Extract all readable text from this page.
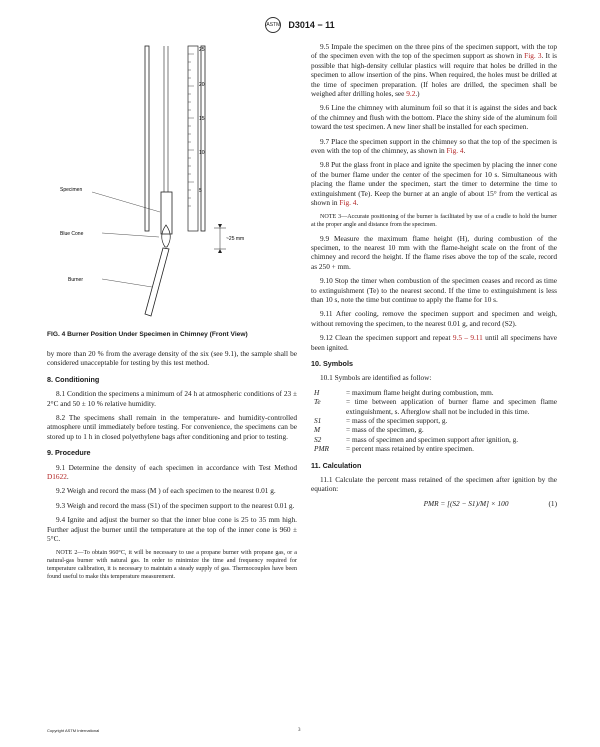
ASTM D3014 − 11
25
20
15
10
5
~25 mm
Specimen
Blue Cone
Burner
FIG. 4 Burner Position Under Specimen in Chimney (Front View)

by more than 20 % from the average density of the six (see 9.1), the sample shall be considered unacceptable for testing by this test method.

8. Conditioning

8.1 Condition the specimens a minimum of 24 h at atmospheric conditions of 23 ± 2°C and 50 ± 10 % relative humidity.

8.2 The specimens shall remain in the temperature- and humidity-controlled atmosphere until immediately before testing. For convenience, the specimens can be stored up to 1 h in closed polyethylene bags after conditioning and prior to testing.

9. Procedure

9.1 Determine the density of each specimen in accordance with Test Method D1622.

9.2 Weigh and record the mass (M ) of each specimen to the nearest 0.01 g.

9.3 Weigh and record the mass (S1) of the specimen support to the nearest 0.01 g.

9.4 Ignite and adjust the burner so that the inner blue cone is 25 to 35 mm high. Further adjust the burner until the temperature at the top of the inner cone is 960 ± 5°C.

NOTE 2—To obtain 960°C, it will be necessary to use a propane burner with propane gas, or a natural-gas burner with natural gas. In order to minimize the time and frequency required for temperature calibration, it is necessary to maintain a steady supply of gas. Thermocouples have been found useful to make this temperature measurement.

9.5 Impale the specimen on the three pins of the specimen support, with the top of the specimen even with the top of the specimen support as shown in Fig. 3. It is possible that high-density cellular plastics will require that holes be drilled in the specimen to allow insertion of the pins. When required, the holes must be drilled at the time of specimen preparation. (If holes are drilled, the specimen shall be weighed after drilling holes, see 9.2.)

9.6 Line the chimney with aluminum foil so that it is against the sides and back of the chimney and flush with the bottom. Place the shiny side of the aluminum foil toward the test specimen. A new liner shall be installed for each specimen.

9.7 Place the specimen support in the chimney so that the top of the specimen is even with the top of the chimney, as shown in Fig. 4.

9.8 Put the glass front in place and ignite the specimen by placing the inner cone of the burner flame under the center of the specimen for 10 s. Simultaneous with placing the flame under the specimen, start the timer to determine the time to extinguishment (Te). Keep the burner at an angle of about 15° from the vertical as shown in Fig. 4.

NOTE 3—Accurate positioning of the burner is facilitated by use of a cradle to hold the burner at the proper angle and distance from the specimen.

9.9 Measure the maximum flame height (H), during combustion of the specimen, to the nearest 10 mm with the flame-height scale on the front of the chimney and record the height. If the flame rises above the top of the scale, record as 250 + mm.

9.10 Stop the timer when combustion of the specimen ceases and record as time to extinguishment (Te) to the nearest second. If the time to extinguishment is less than 10 s, note the time but continue to apply the flame for 10 s.

9.11 After cooling, remove the specimen support and specimen and weigh, without removing the specimen, to the nearest 0.01 g, and record (S2).

9.12 Clean the specimen support and repeat 9.5 – 9.11 until all specimens have been ignited.

10. Symbols

10.1 Symbols are identified as follow:

H	= maximum flame height during combustion, mm.
Te	= time between application of burner flame and specimen flame extinguishment, s. Afterglow shall not be included in this time.
S1	= mass of the specimen support, g.
M	= mass of the specimen, g.
S2	= mass of specimen and specimen support after ignition, g.
PMR	= percent mass retained by entire specimen.
11. Calculation

11.1 Calculate the percent mass retained of the specimen after ignition by the equation:

PMR = [(S2 − S1)/M] × 100	(1)
Copyright ASTM International	3
